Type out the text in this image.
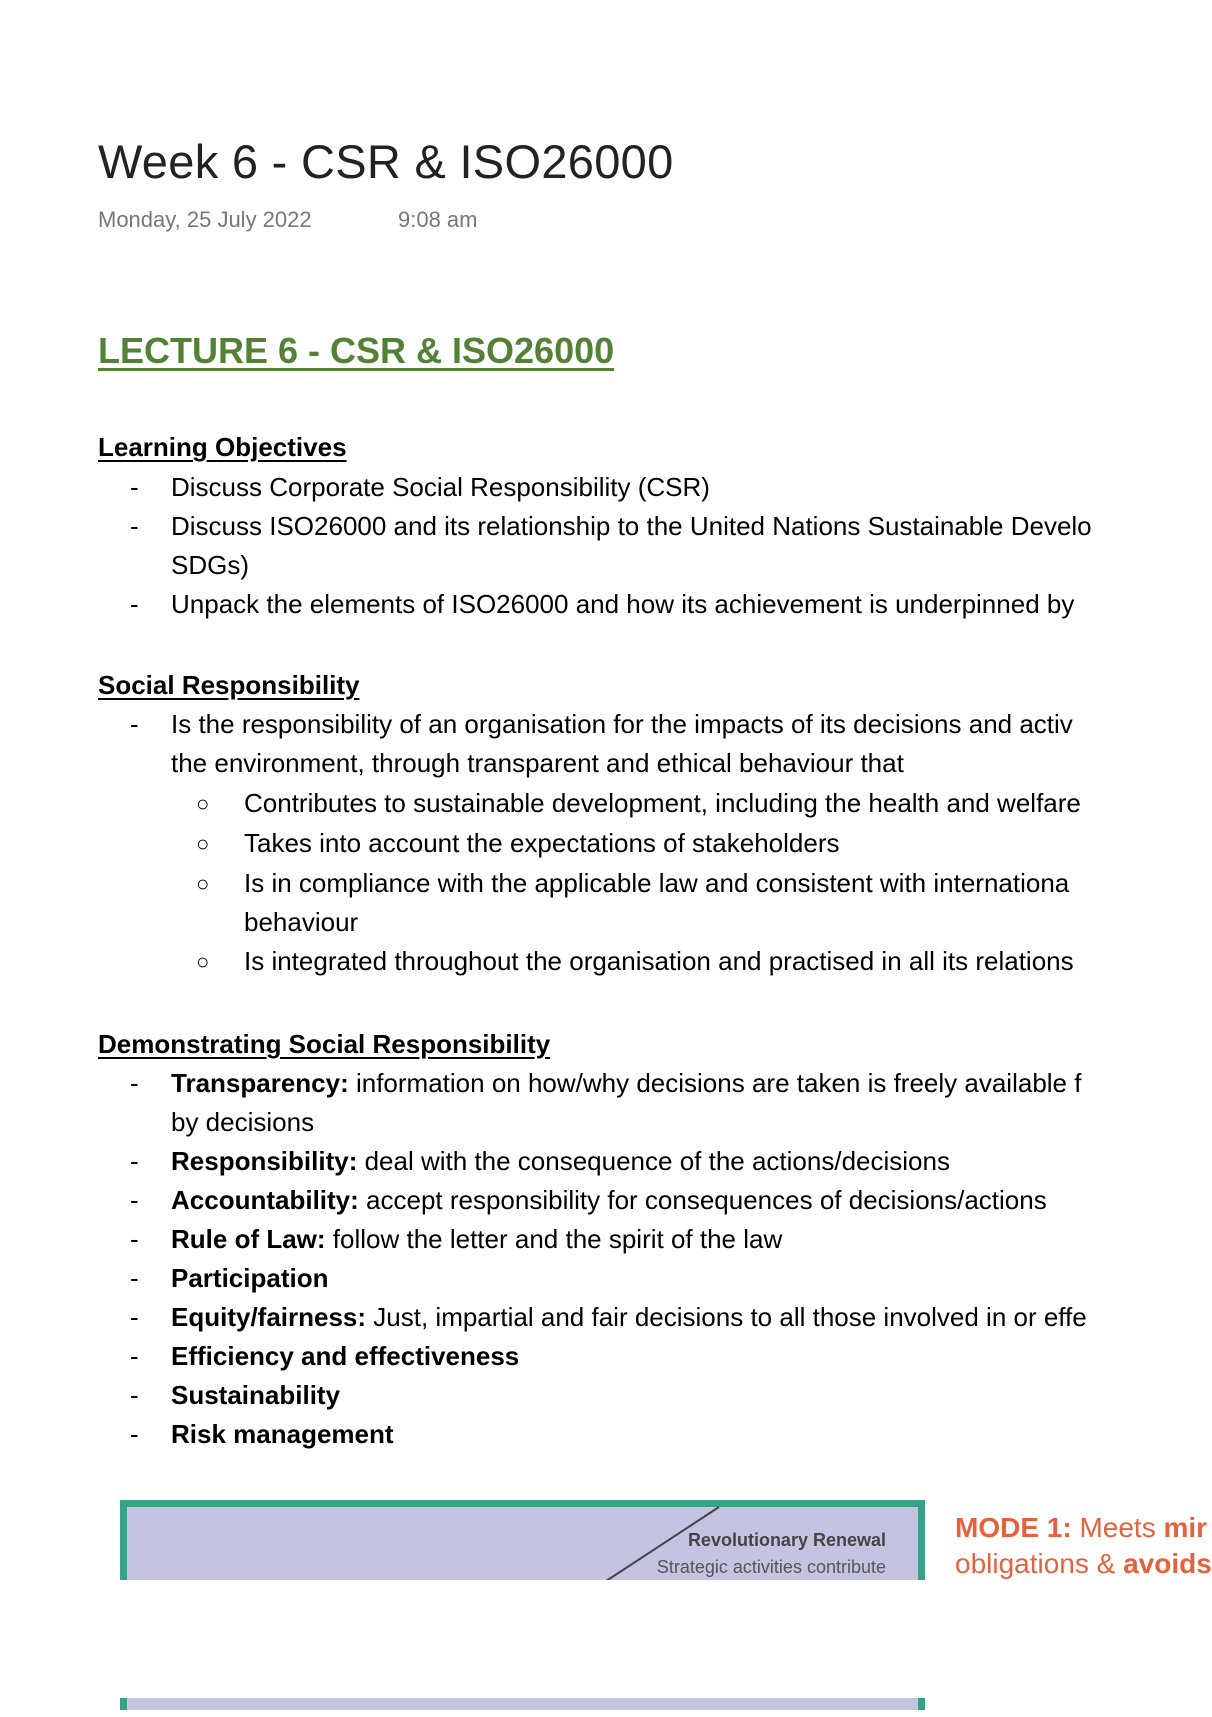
Week 6 - CSR & ISO26000
Monday, 25 July 2022	9:08 am
LECTURE 6 - CSR & ISO26000
Learning Objectives
- Discuss Corporate Social Responsibility (CSR)
- Discuss ISO26000 and its relationship to the United Nations Sustainable Develo
SDGs)
- Unpack the elements of ISO26000 and how its achievement is underpinned by
Social Responsibility
- Is the responsibility of an organisation for the impacts of its decisions and activ
the environment, through transparent and ethical behaviour that
○ Contributes to sustainable development, including the health and welfare
○ Takes into account the expectations of stakeholders
○ Is in compliance with the applicable law and consistent with internationa
behaviour
○ Is integrated throughout the organisation and practised in all its relations
Demonstrating Social Responsibility
- Transparency: information on how/why decisions are taken is freely available f
by decisions
- Responsibility: deal with the consequence of the actions/decisions
- Accountability: accept responsibility for consequences of decisions/actions
- Rule of Law: follow the letter and the spirit of the law
- Participation
- Equity/fairness: Just, impartial and fair decisions to all those involved in or effe
- Efficiency and effectiveness
- Sustainability
- Risk management
Revolutionary Renewal
Strategic activities contribute
MODE 1: Meets mir
obligations & avoids
